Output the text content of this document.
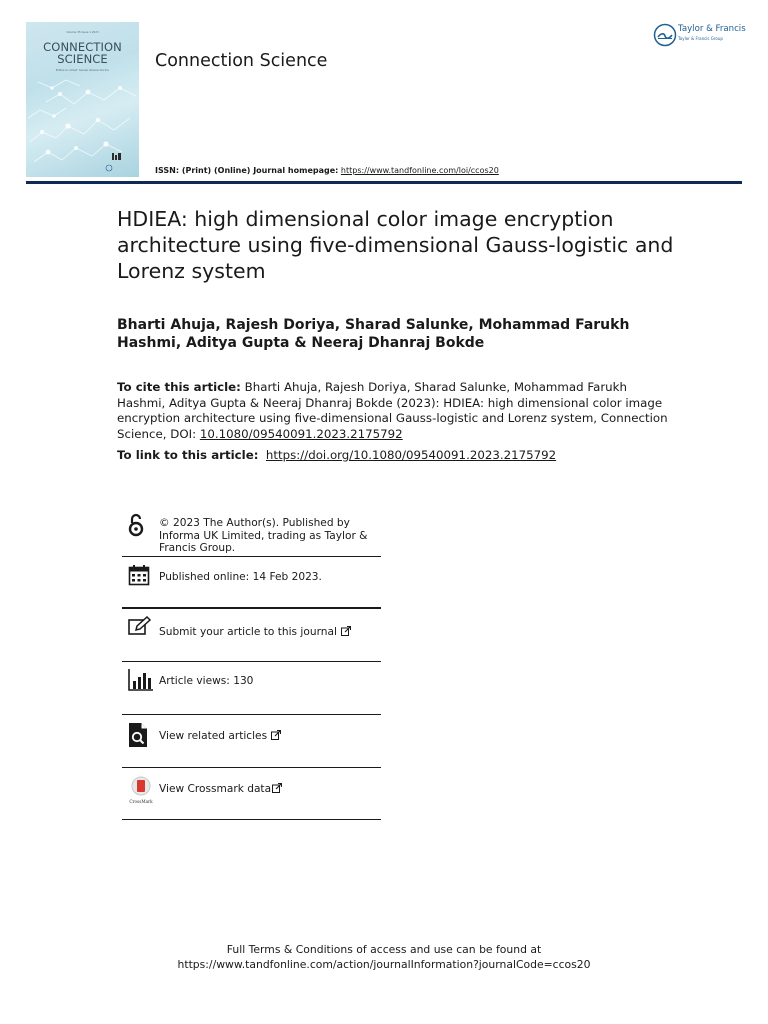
Volume 35 Issue 1 2023
CONNECTION
SCIENCE
Editor-in-Chief: Sanaz Gharachorloo	Connection Science
ISSN: (Print) (Online) Journal homepage: https://www.tandfonline.com/loi/ccos20
Taylor & Francis
Taylor & Francis Group
HDIEA: high dimensional color image encryption architecture using five-dimensional Gauss-logistic and Lorenz system
Bharti Ahuja, Rajesh Doriya, Sharad Salunke, Mohammad Farukh Hashmi, Aditya Gupta & Neeraj Dhanraj Bokde
To cite this article: Bharti Ahuja, Rajesh Doriya, Sharad Salunke, Mohammad Farukh Hashmi, Aditya Gupta & Neeraj Dhanraj Bokde (2023): HDIEA: high dimensional color image encryption architecture using five-dimensional Gauss-logistic and Lorenz system, Connection Science, DOI: 10.1080/09540091.2023.2175792
To link to this article: https://doi.org/10.1080/09540091.2023.2175792
© 2023 The Author(s). Published by Informa UK Limited, trading as Taylor & Francis Group.
Published online: 14 Feb 2023.
Submit your article to this journal
Article views: 130
View related articles
CrossMark
View Crossmark data
Full Terms & Conditions of access and use can be found at
https://www.tandfonline.com/action/journalInformation?journalCode=ccos20
